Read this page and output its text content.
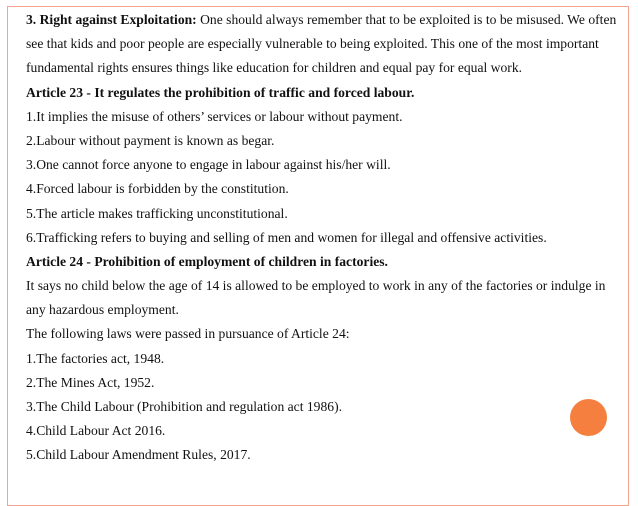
3. Right against Exploitation: One should always remember that to be exploited is to be misused. We often
see that kids and poor people are especially vulnerable to being exploited. This one of the most important
fundamental rights ensures things like education for children and equal pay for equal work.
Article 23 - It regulates the prohibition of traffic and forced labour.
1.It implies the misuse of others’ services or labour without payment.
2.Labour without payment is known as begar.
3.One cannot force anyone to engage in labour against his/her will.
4.Forced labour is forbidden by the constitution.
5.The article makes trafficking unconstitutional.
6.Trafficking refers to buying and selling of men and women for illegal and offensive activities.
Article 24 - Prohibition of employment of children in factories.
It says no child below the age of 14 is allowed to be employed to work in any of the factories or indulge in
any hazardous employment.
The following laws were passed in pursuance of Article 24:
1.The factories act, 1948.
2.The Mines Act, 1952.
3.The Child Labour (Prohibition and regulation act 1986).
4.Child Labour Act 2016.
5.Child Labour Amendment Rules, 2017.
